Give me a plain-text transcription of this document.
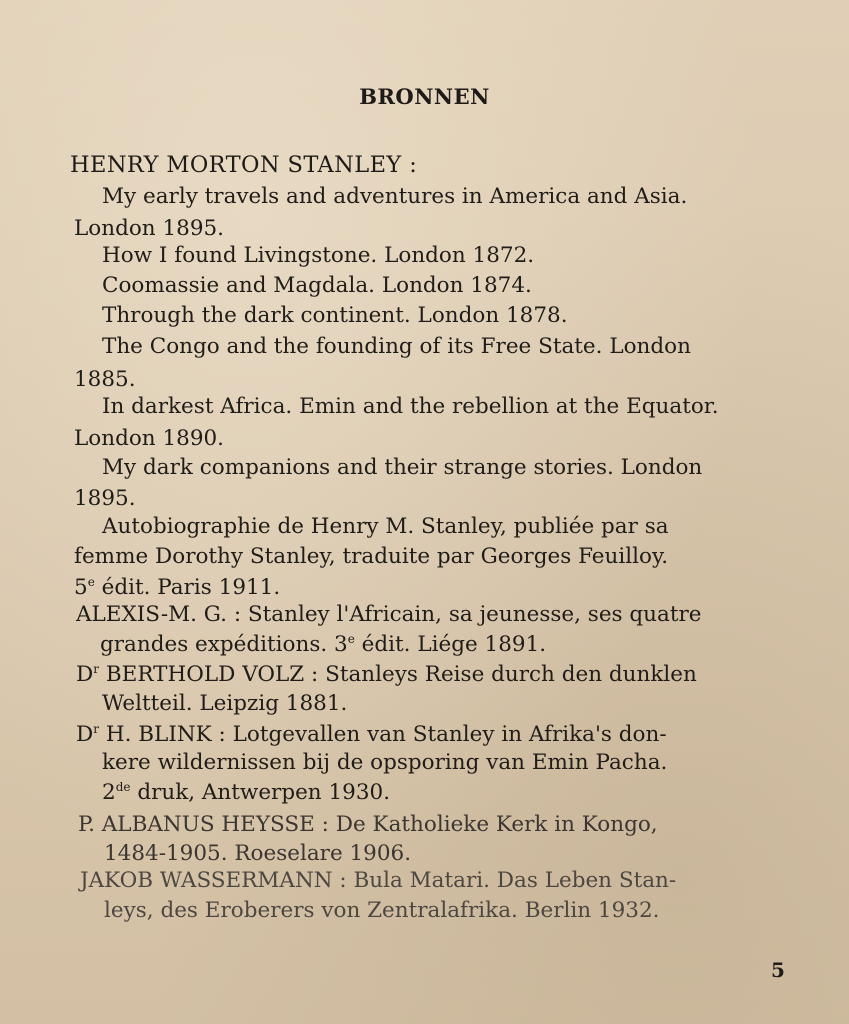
BRONNEN
HENRY MORTON STANLEY :
My early travels and adventures in America and Asia.
London 1895.
How I found Livingstone. London 1872.
Coomassie and Magdala. London 1874.
Through the dark continent. London 1878.
The Congo and the founding of its Free State. London
1885.
In darkest Africa. Emin and the rebellion at the Equator.
London 1890.
My dark companions and their strange stories. London
1895.
Autobiographie de Henry M. Stanley, publiée par sa
femme Dorothy Stanley, traduite par Georges Feuilloy.
5e édit. Paris 1911.
ALEXIS-M. G. : Stanley l'Africain, sa jeunesse, ses quatre
grandes expéditions. 3e édit. Liége 1891.
$D^r$ BERTHOLD VOLZ : Stanleys Reise durch den dunklen
Weltteil. Leipzig 1881.
$D^r$ H. BLINK : Lotgevallen van Stanley in Afrika's don-
kere wildernissen bij de opsporing van Emin Pacha.
2de druk, Antwerpen 1930.
P. ALBANUS HEYSSE : De Katholieke Kerk in Kongo,
1484-1905. Roeselare 1906.
JAKOB WASSERMANN : Bula Matari. Das Leben Stan-
leys, des Eroberers von Zentralafrika. Berlin 1932.
5
